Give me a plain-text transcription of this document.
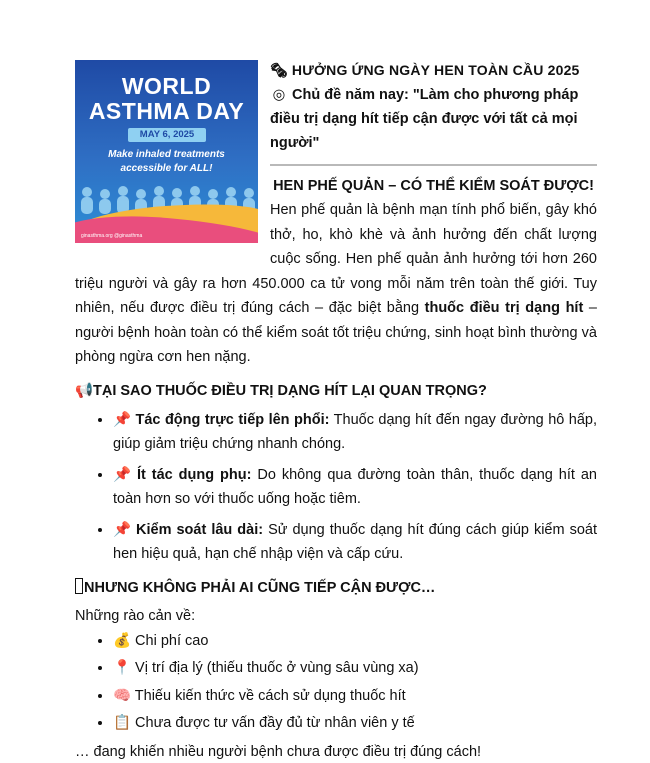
WORLD
ASTHMA DAY
MAY 6, 2025
Make inhaled treatments
accessible for ALL!
ginasthma.org @ginasthma
🗞 HƯỞNG ỨNG NGÀY HEN TOÀN CẦU 2025
◎ Chủ đề năm nay: "Làm cho phương pháp điều trị dạng hít tiếp cận được với tất cả mọi người"
HEN PHẾ QUẢN – CÓ THỂ KIỂM SOÁT ĐƯỢC!

Hen phế quản là bệnh mạn tính phổ biến, gây khó thở, ho, khò khè và ảnh hưởng đến chất lượng cuộc sống. Hen phế quản ảnh hưởng tới hơn 260 triệu người và gây ra hơn 450.000 ca tử vong mỗi năm trên toàn thế giới. Tuy nhiên, nếu được điều trị đúng cách – đặc biệt bằng thuốc điều trị dạng hít – người bệnh hoàn toàn có thể kiểm soát tốt triệu chứng, sinh hoạt bình thường và phòng ngừa cơn hen nặng.

📢TẠI SAO THUỐC ĐIỀU TRỊ DẠNG HÍT LẠI QUAN TRỌNG?
• 📌 Tác động trực tiếp lên phổi: Thuốc dạng hít đến ngay đường hô hấp, giúp giảm triệu chứng nhanh chóng.
• 📌 Ít tác dụng phụ: Do không qua đường toàn thân, thuốc dạng hít an toàn hơn so với thuốc uống hoặc tiêm.
• 📌 Kiểm soát lâu dài: Sử dụng thuốc dạng hít đúng cách giúp kiểm soát hen hiệu quả, hạn chế nhập viện và cấp cứu.
NHƯNG KHÔNG PHẢI AI CŨNG TIẾP CẬN ĐƯỢC…

Những rào cản về:

• 💰 Chi phí cao
• 📍 Vị trí địa lý (thiếu thuốc ở vùng sâu vùng xa)
• 🧠 Thiếu kiến thức về cách sử dụng thuốc hít
• 📋 Chưa được tư vấn đầy đủ từ nhân viên y tế

… đang khiến nhiều người bệnh chưa được điều trị đúng cách!
